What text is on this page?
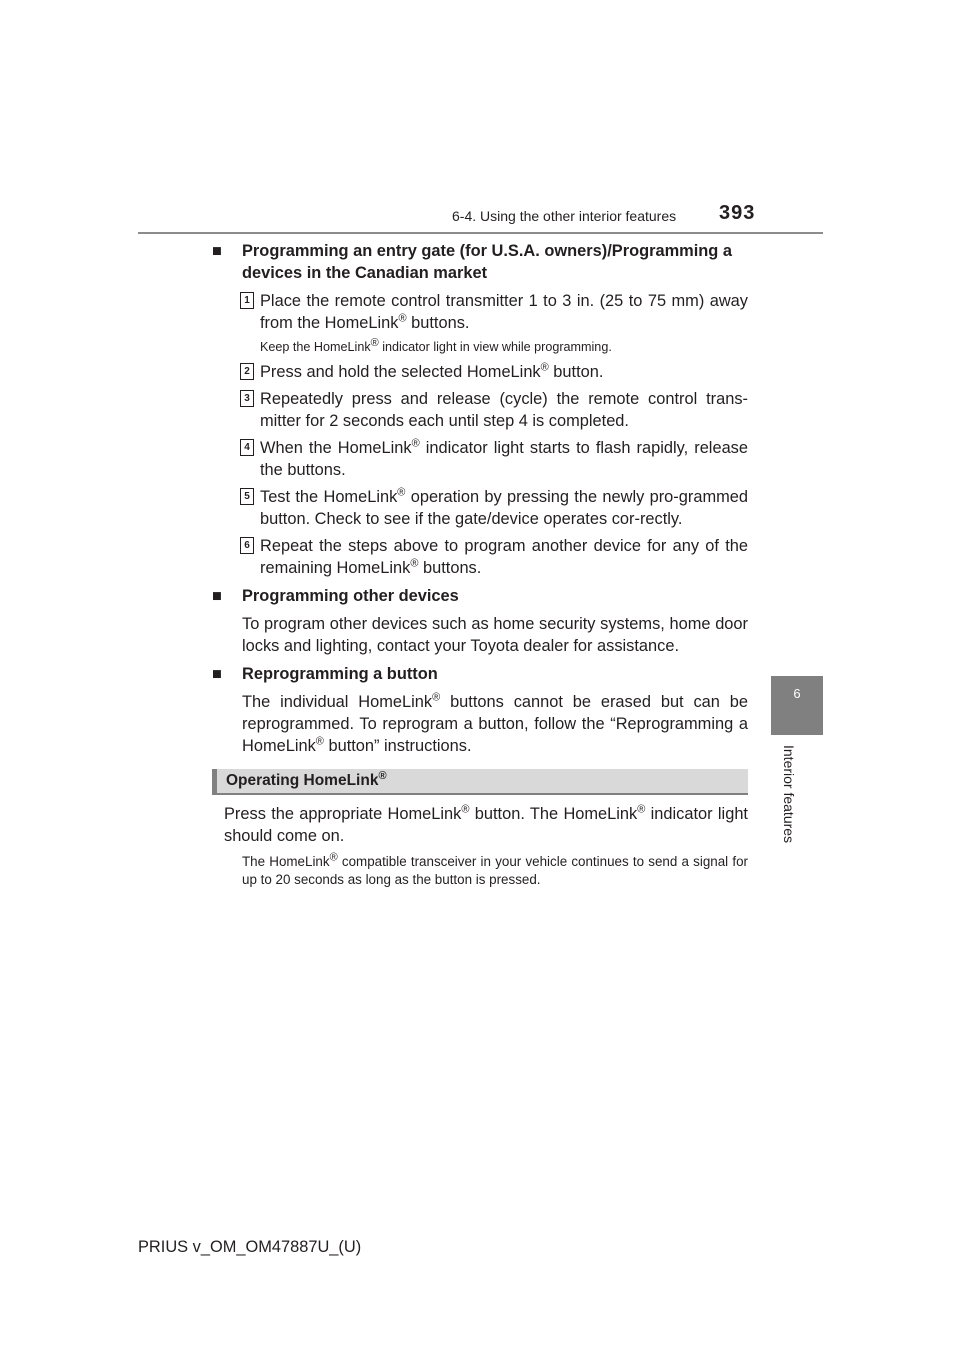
6-4. Using the other interior features 393
6
Interior features
■	Programming an entry gate (for U.S.A. owners)/Programming a devices in the Canadian market
1 Place the remote control transmitter 1 to 3 in. (25 to 75 mm) away from the HomeLink® buttons.
Keep the HomeLink® indicator light in view while programming.
2 Press and hold the selected HomeLink® button.
3 Repeatedly press and release (cycle) the remote control trans-mitter for 2 seconds each until step 4 is completed.
4 When the HomeLink® indicator light starts to flash rapidly, release the buttons.
5 Test the HomeLink® operation by pressing the newly pro-grammed button. Check to see if the gate/device operates cor-rectly.
6 Repeat the steps above to program another device for any of the remaining HomeLink® buttons.
■	Programming other devices
To program other devices such as home security systems, home door locks and lighting, contact your Toyota dealer for assistance.
■	Reprogramming a button
The individual HomeLink® buttons cannot be erased but can be reprogrammed. To reprogram a button, follow the “Reprogramming a HomeLink® button” instructions.
Operating HomeLink®
Press the appropriate HomeLink® button. The HomeLink® indicator light should come on.
The HomeLink® compatible transceiver in your vehicle continues to send a signal for up to 20 seconds as long as the button is pressed.
PRIUS v_OM_OM47887U_(U)
